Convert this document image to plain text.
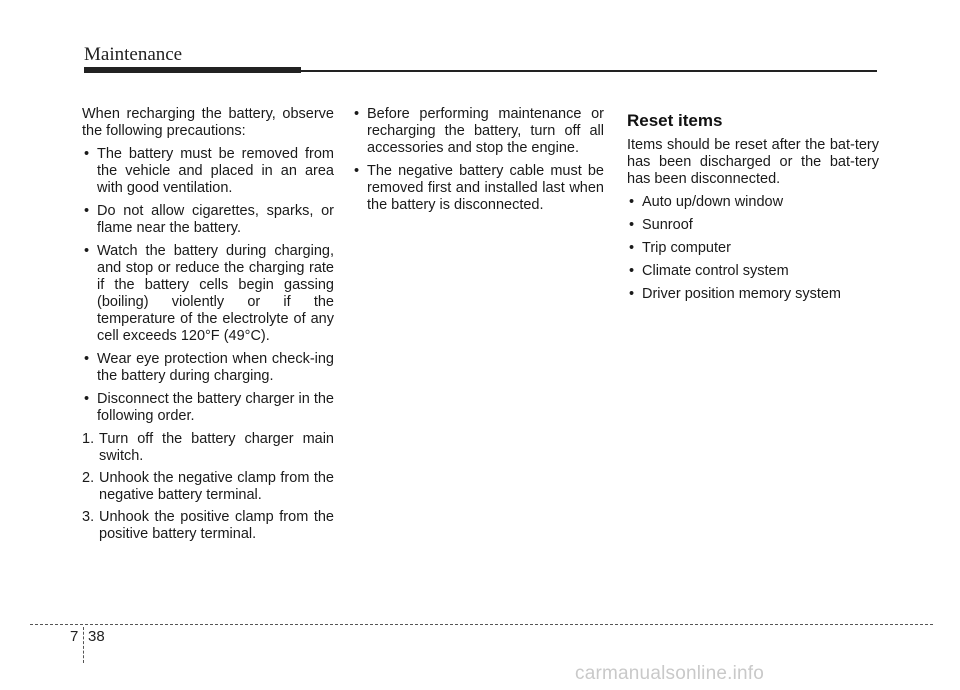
Maintenance

When recharging the battery, observe the following precautions:

• The battery must be removed from the vehicle and placed in an area with good ventilation.
• Do not allow cigarettes, sparks, or flame near the battery.
• Watch the battery during charging, and stop or reduce the charging rate if the battery cells begin gassing (boiling) violently or if the temperature of the electrolyte of any cell exceeds 120°F (49°C).
• Wear eye protection when check-ing the battery during charging.
• Disconnect the battery charger in the following order.
1. Turn off the battery charger main switch.
2. Unhook the negative clamp from the negative battery terminal.
3. Unhook the positive clamp from the positive battery terminal.
• Before performing maintenance or recharging the battery, turn off all accessories and stop the engine.
• The negative battery cable must be removed first and installed last when the battery is disconnected.
Reset items

Items should be reset after the bat-tery has been discharged or the bat-tery has been disconnected.

• Auto up/down window
• Sunroof
• Trip computer
• Climate control system
• Driver position memory system
7 38
carmanualsonline.info
